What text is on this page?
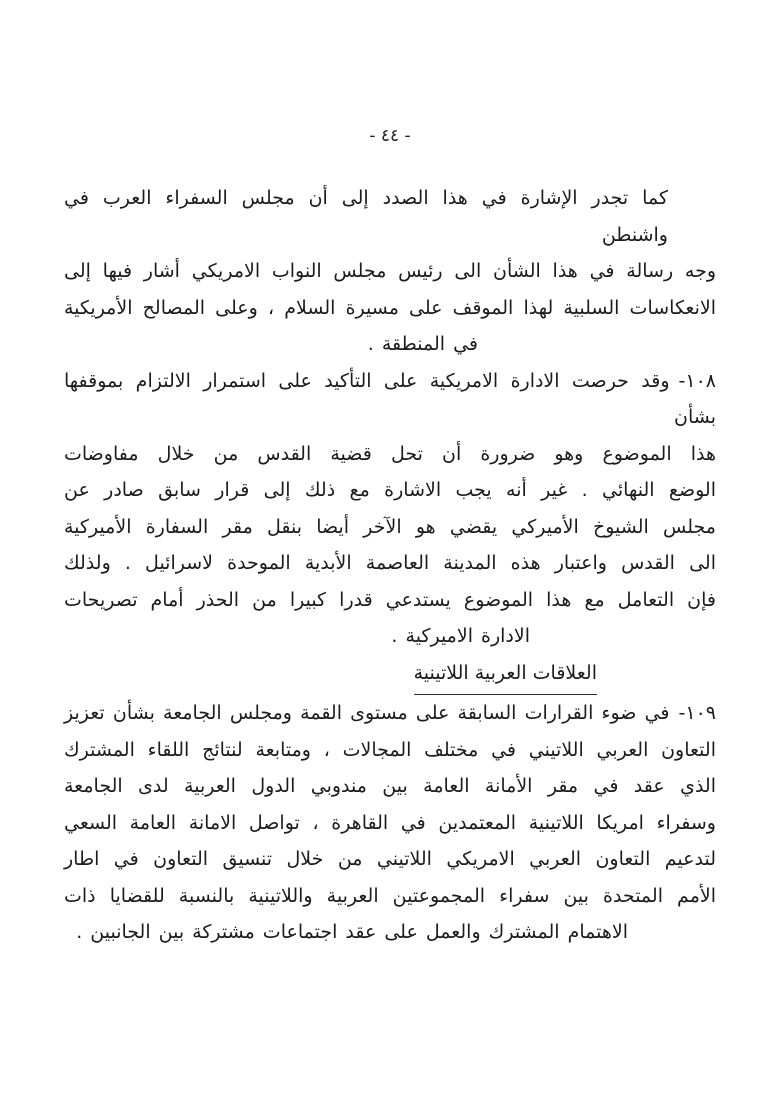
- ٤٤ -
كما تجدر الإشارة في هذا الصدد إلى أن مجلس السفراء العرب في واشنطن
وجه رسالة في هذا الشأن الى رئيس مجلس النواب الامريكي أشار فيها إلى
الانعكاسات السلبية لهذا الموقف على مسيرة السلام ، وعلى المصالح الأمريكية
في المنطقة .
١٠٨-وقد حرصت الادارة الامريكية على التأكيد على استمرار الالتزام بموقفها بشأن
هذا الموضوع وهو ضرورة أن تحل قضية القدس من خلال مفاوضات
الوضع النهائي . غير أنه يجب الاشارة مع ذلك إلى قرار سابق صادر عن
مجلس الشيوخ الأميركي يقضي هو الآخر أيضا بنقل مقر السفارة الأميركية
الى القدس واعتبار هذه المدينة العاصمة الأبدية الموحدة لاسرائيل . ولذلك
فإن التعامل مع هذا الموضوع يستدعي قدرا كبيرا من الحذر أمام تصريحات
الادارة الاميركية .
العلاقات العربية اللاتينية
١٠٩-في ضوء القرارات السابقة على مستوى القمة ومجلس الجامعة بشأن تعزيز
التعاون العربي اللاتيني في مختلف المجالات ، ومتابعة لنتائج اللقاء المشترك
الذي عقد في مقر الأمانة العامة بين مندوبي الدول العربية لدى الجامعة
وسفراء امريكا اللاتينية المعتمدين في القاهرة ، تواصل الامانة العامة السعي
لتدعيم التعاون العربي الامريكي اللاتيني من خلال تنسيق التعاون في اطار
الأمم المتحدة بين سفراء المجموعتين العربية واللاتينية بالنسبة للقضايا ذات
الاهتمام المشترك والعمل على عقد اجتماعات مشتركة بين الجانبين .
